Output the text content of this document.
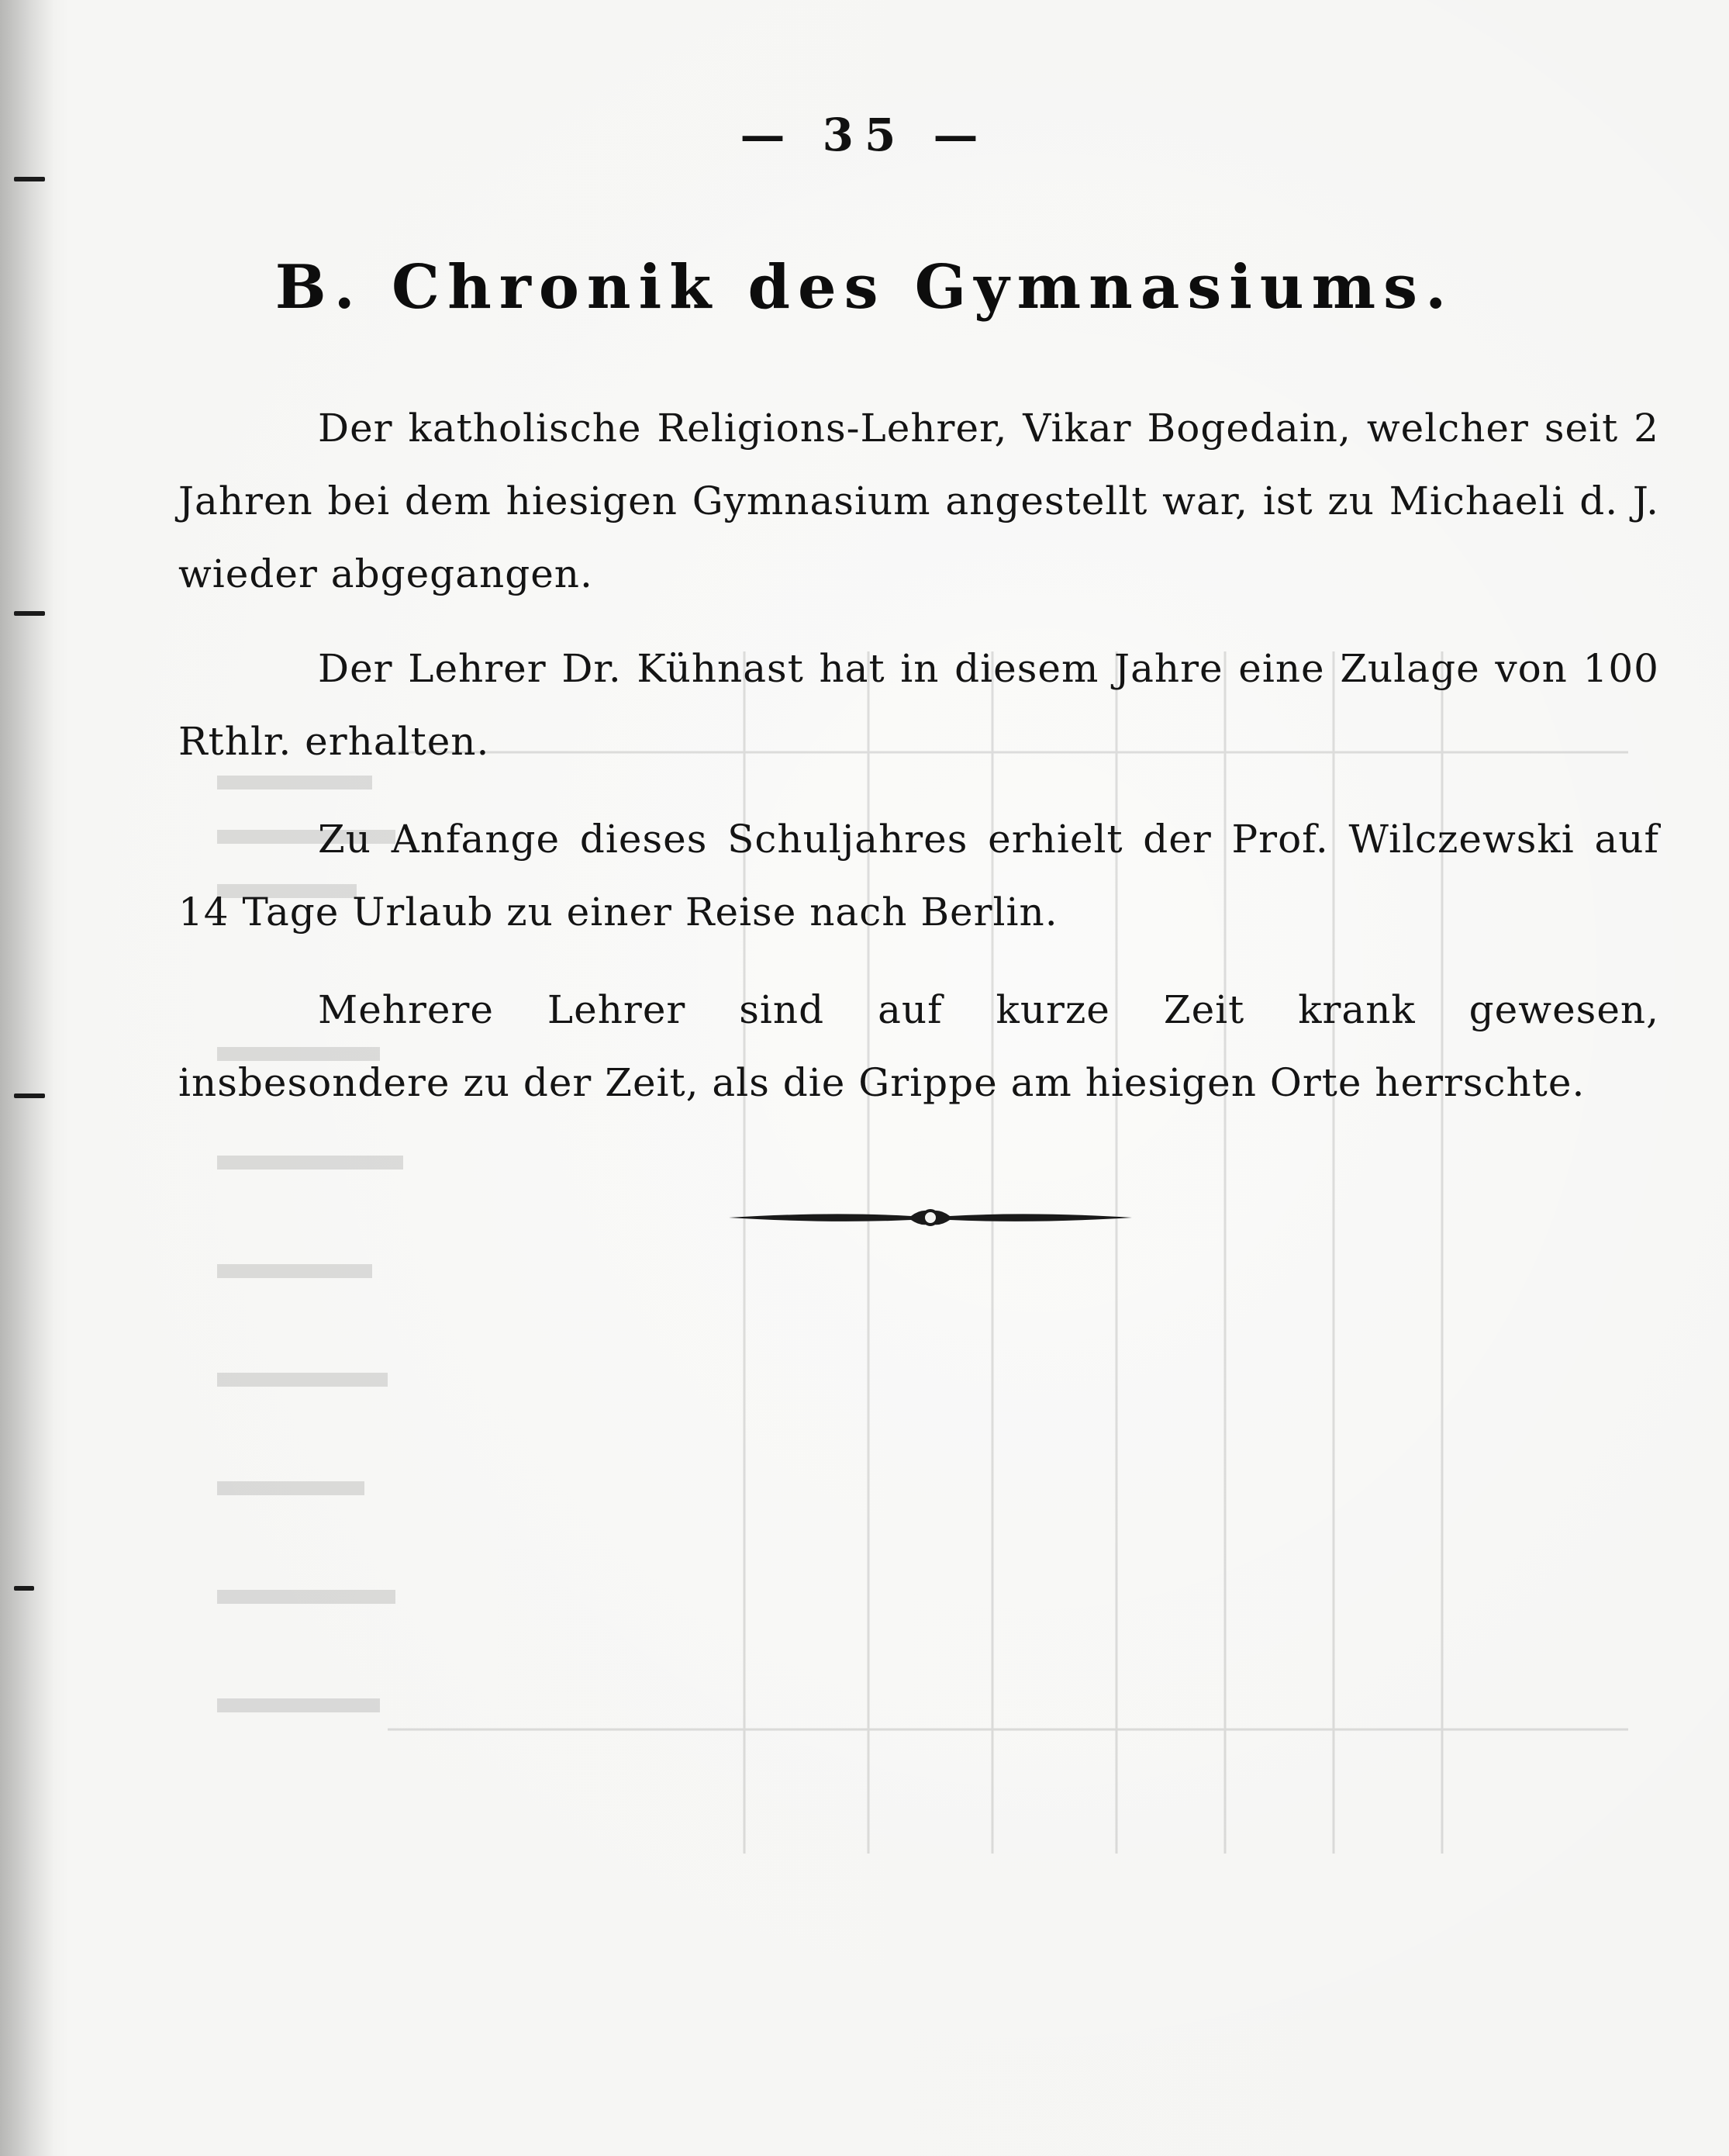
— 35 —
B. Chronik des Gymnasiums.

Der katholische Religions-Lehrer, Vikar Bogedain, welcher seit 2 Jahren bei dem hiesigen Gymnasium angestellt war, ist zu Michaeli d. J. wieder abgegangen.

Der Lehrer Dr. Kühnast hat in diesem Jahre eine Zulage von 100 Rthlr. erhalten.

Zu Anfange dieses Schuljahres erhielt der Prof. Wilczewski auf 14 Tage Urlaub zu einer Reise nach Berlin.

Mehrere Lehrer sind auf kurze Zeit krank gewesen, insbesondere zu der Zeit, als die Grippe am hiesigen Orte herrschte.
